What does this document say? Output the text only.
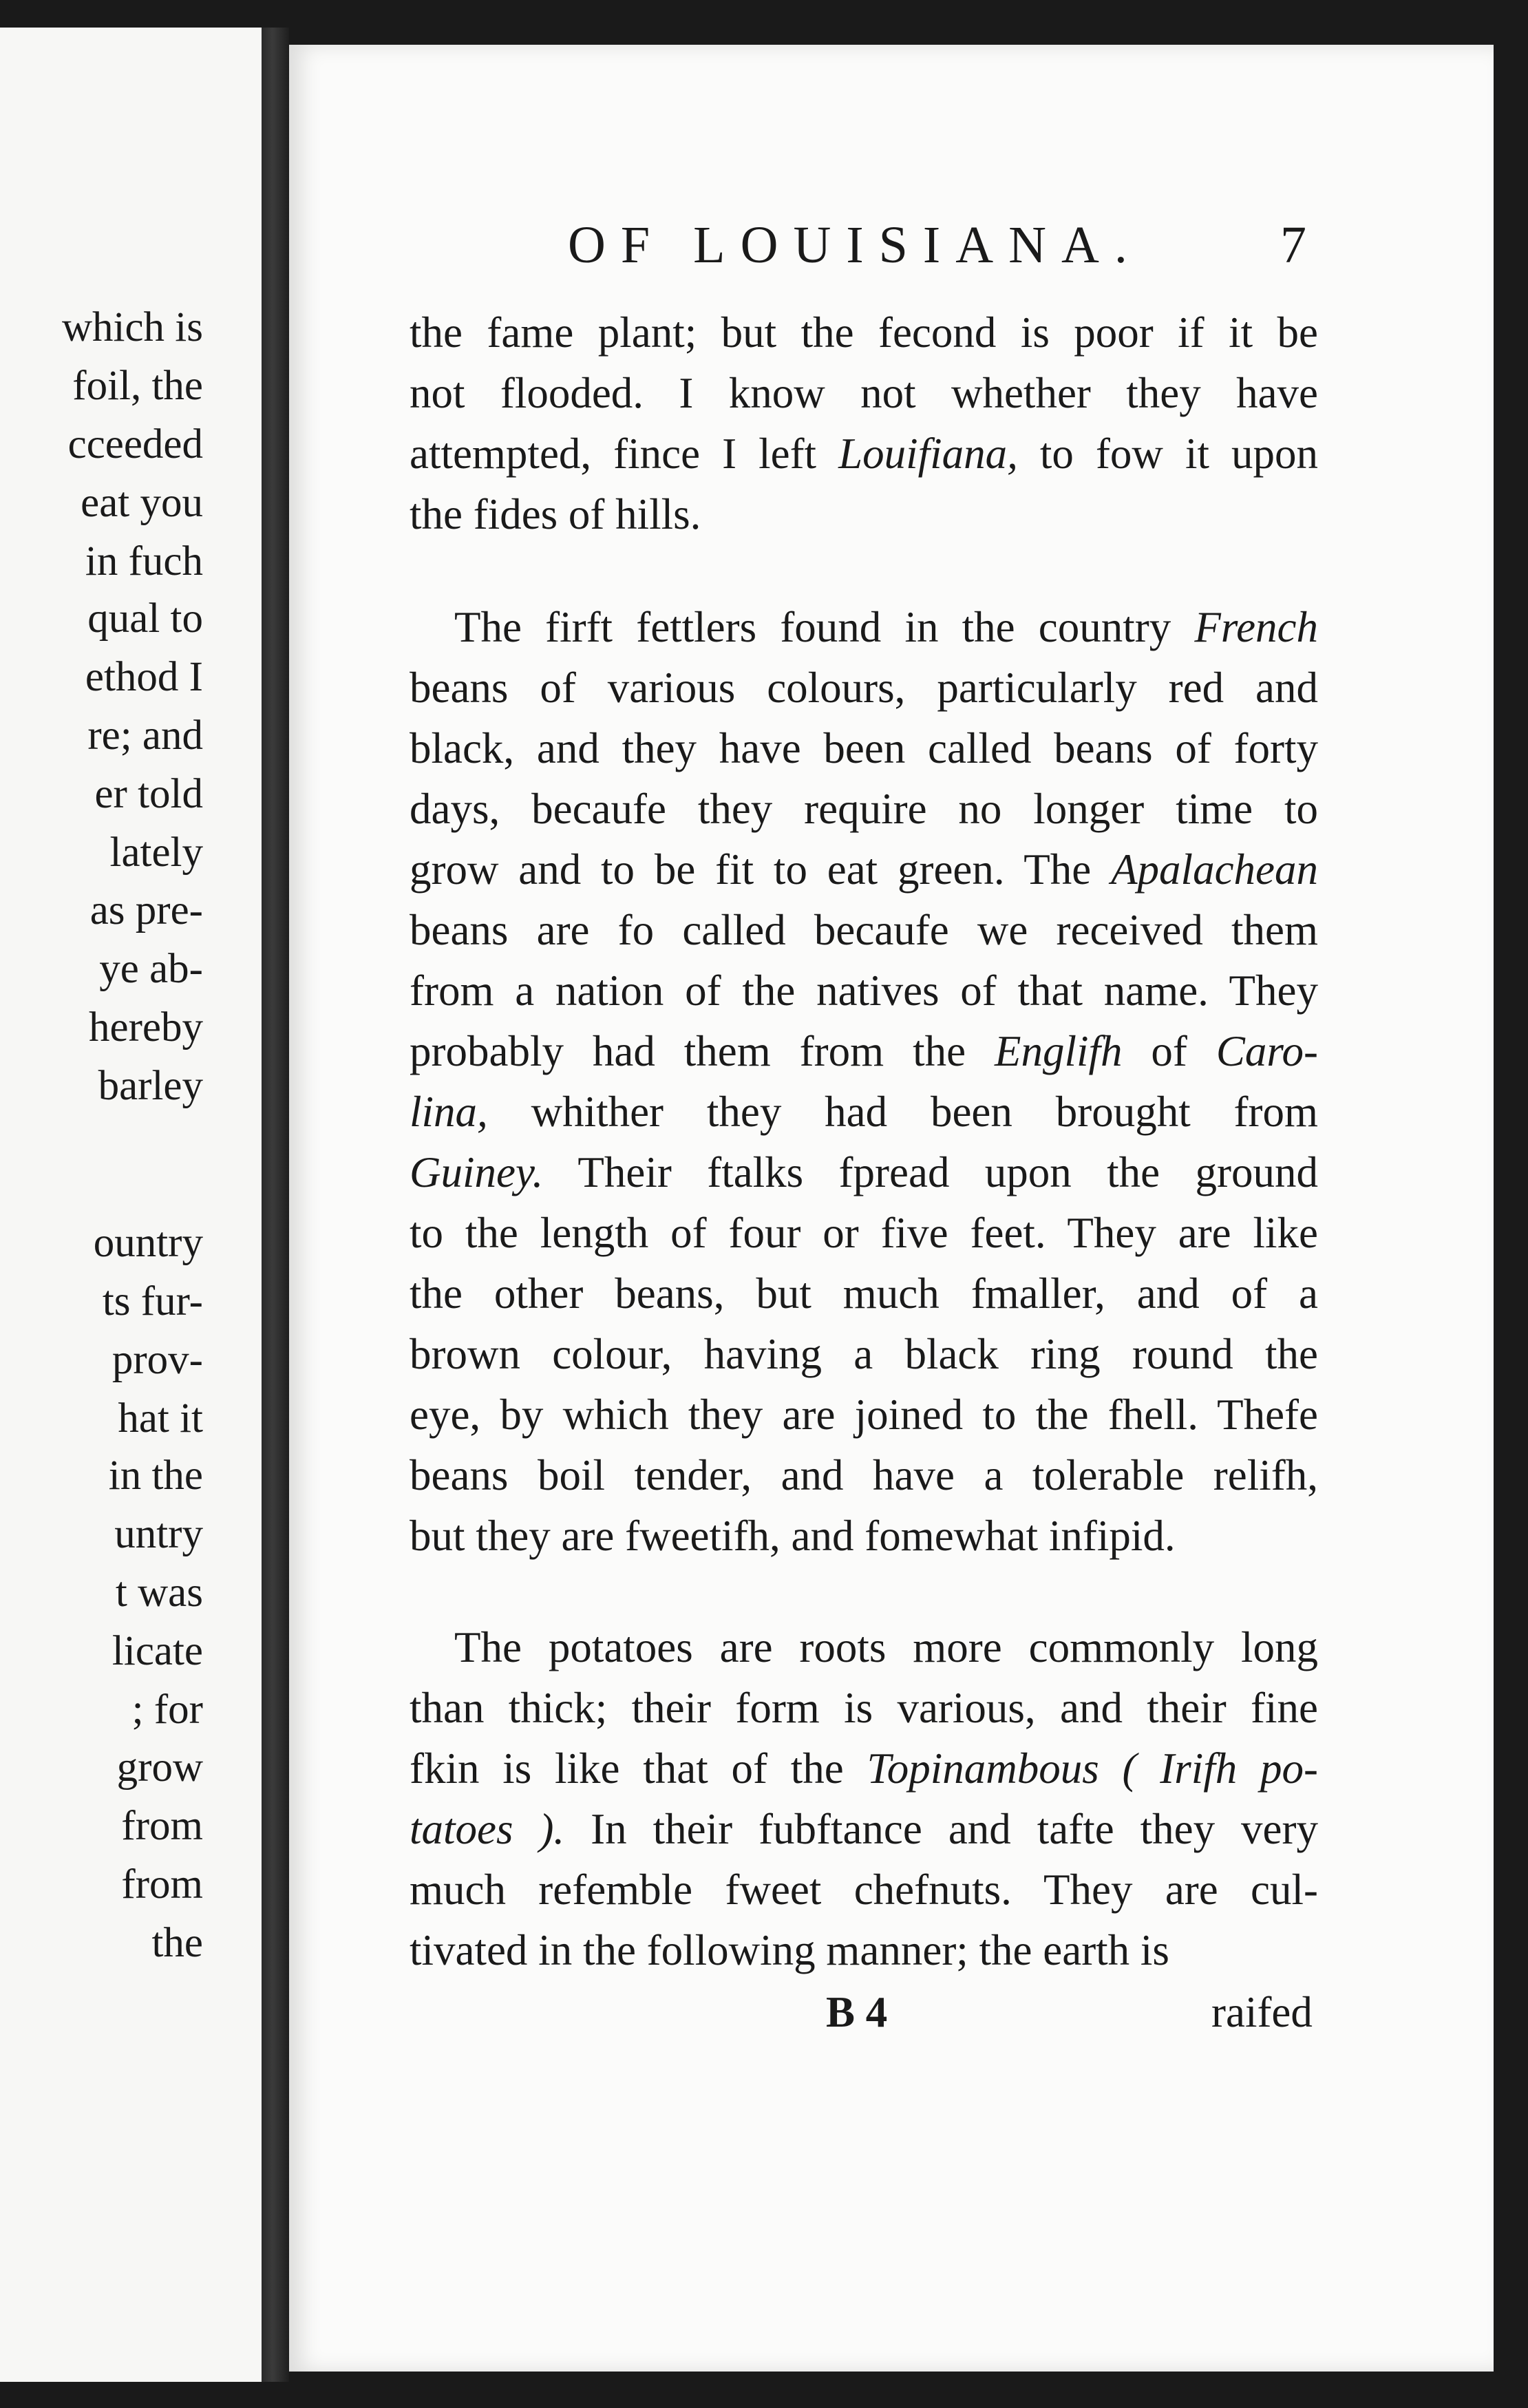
which is
foil, the
cceeded
eat you
in fuch
qual to
ethod I
re; and
er told
lately
as pre-
ye ab-
hereby
barley
ountry
ts fur-
prov-
hat it
in the
untry
t was
licate
; for
grow
from
from
the
OF LOUISIANA.	7
the fame plant; but the fecond is poor if it be
not flooded. I know not whether they have
attempted, fince I left Louifiana, to fow it upon
the fides of hills.
The firft fettlers found in the country French
beans of various colours, particularly red and
black, and they have been called beans of forty
days, becaufe they require no longer time to
grow and to be fit to eat green. The Apalachean
beans are fo called becaufe we received them
from a nation of the natives of that name. They
probably had them from the Englifh of Caro-
lina, whither they had been brought from
Guiney. Their ftalks fpread upon the ground
to the length of four or five feet. They are like
the other beans, but much fmaller, and of a
brown colour, having a black ring round the
eye, by which they are joined to the fhell. Thefe
beans boil tender, and have a tolerable relifh,
but they are fweetifh, and fomewhat infipid.
The potatoes are roots more commonly long
than thick; their form is various, and their fine
fkin is like that of the Topinambous ( Irifh po-
tatoes ). In their fubftance and tafte they very
much refemble fweet chefnuts. They are cul-
tivated in the following manner; the earth is
B 4	raifed
